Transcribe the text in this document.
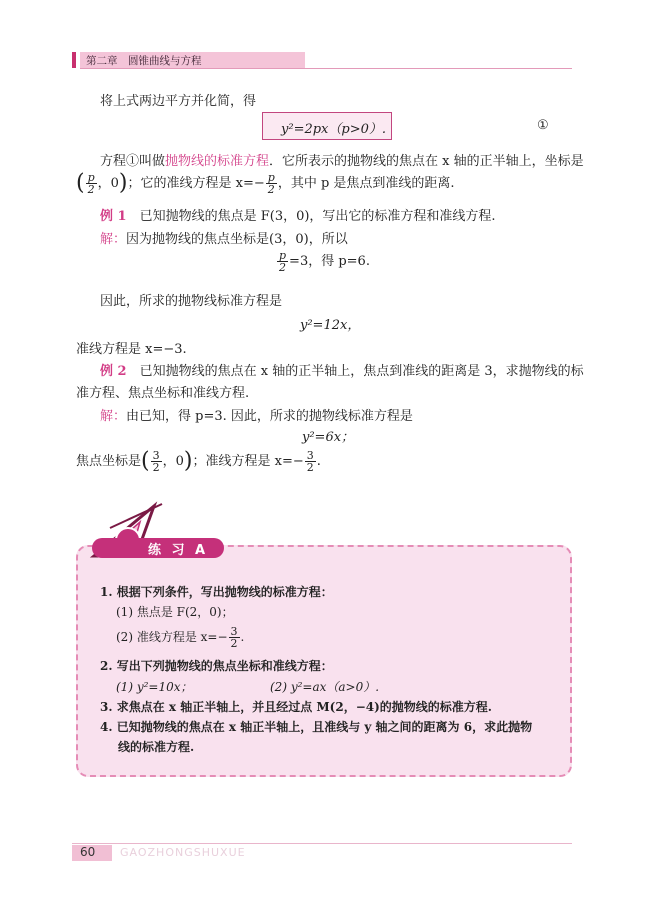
第二章　圆锥曲线与方程
将上式两边平方并化简，得
y²=2px（p>0）.	①
方程①叫做抛物线的标准方程．它所表示的抛物线的焦点在 x 轴的正半轴上，坐标是
( $\frac{p}{2}$ ，0)；它的准线方程是 $x=- \frac{p}{2}$ ，其中 p 是焦点到准线的距离.
例 1　 已知抛物线的焦点是 F(3，0)，写出它的标准方程和准线方程.
解：因为抛物线的焦点坐标是(3，0)，所以
$\frac{p}{2} =3$，得 p=6.
因此，所求的抛物线标准方程是
y²=12x，
准线方程是 x=−3.
例 2　 已知抛物线的焦点在 x 轴的正半轴上，焦点到准线的距离是 3，求抛物线的标
准方程、焦点坐标和准线方程.
解：由已知，得 p=3. 因此，所求的抛物线标准方程是
y²=6x；
焦点坐标是( $\frac{3}{2}$ ，0)；准线方程是 $x=- \frac{3}{2}$ .
练 习 A
1. 根据下列条件，写出抛物线的标准方程：
(1) 焦点是 F(2，0)；
(2) 准线方程是 $x=- \frac{3}{2}$ .
2. 写出下列抛物线的焦点坐标和准线方程：
(1) y²=10x；	(2) y²=ax（a>0）.
3. 求焦点在 x 轴正半轴上，并且经过点 M(2，−4)的抛物线的标准方程.
4. 已知抛物线的焦点在 x 轴正半轴上，且准线与 y 轴之间的距离为 6，求此抛物
线的标准方程.
60 GAOZHONGSHUXUE
